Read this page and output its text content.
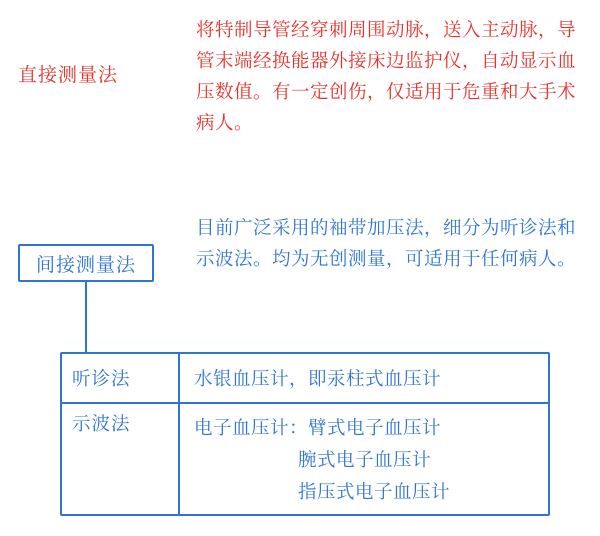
直接测量法
将特制导管经穿刺周围动脉，送入主动脉，导管末端经换能器外接床边监护仪，自动显示血压数值。有一定创伤，仅适用于危重和大手术病人。
间接测量法
目前广泛采用的袖带加压法，细分为听诊法和示波法。均为无创测量，可适用于任何病人。
听诊法	水银血压计，即汞柱式血压计
示波法	电子血压计：臂式电子血压计
腕式电子血压计
指压式电子血压计
